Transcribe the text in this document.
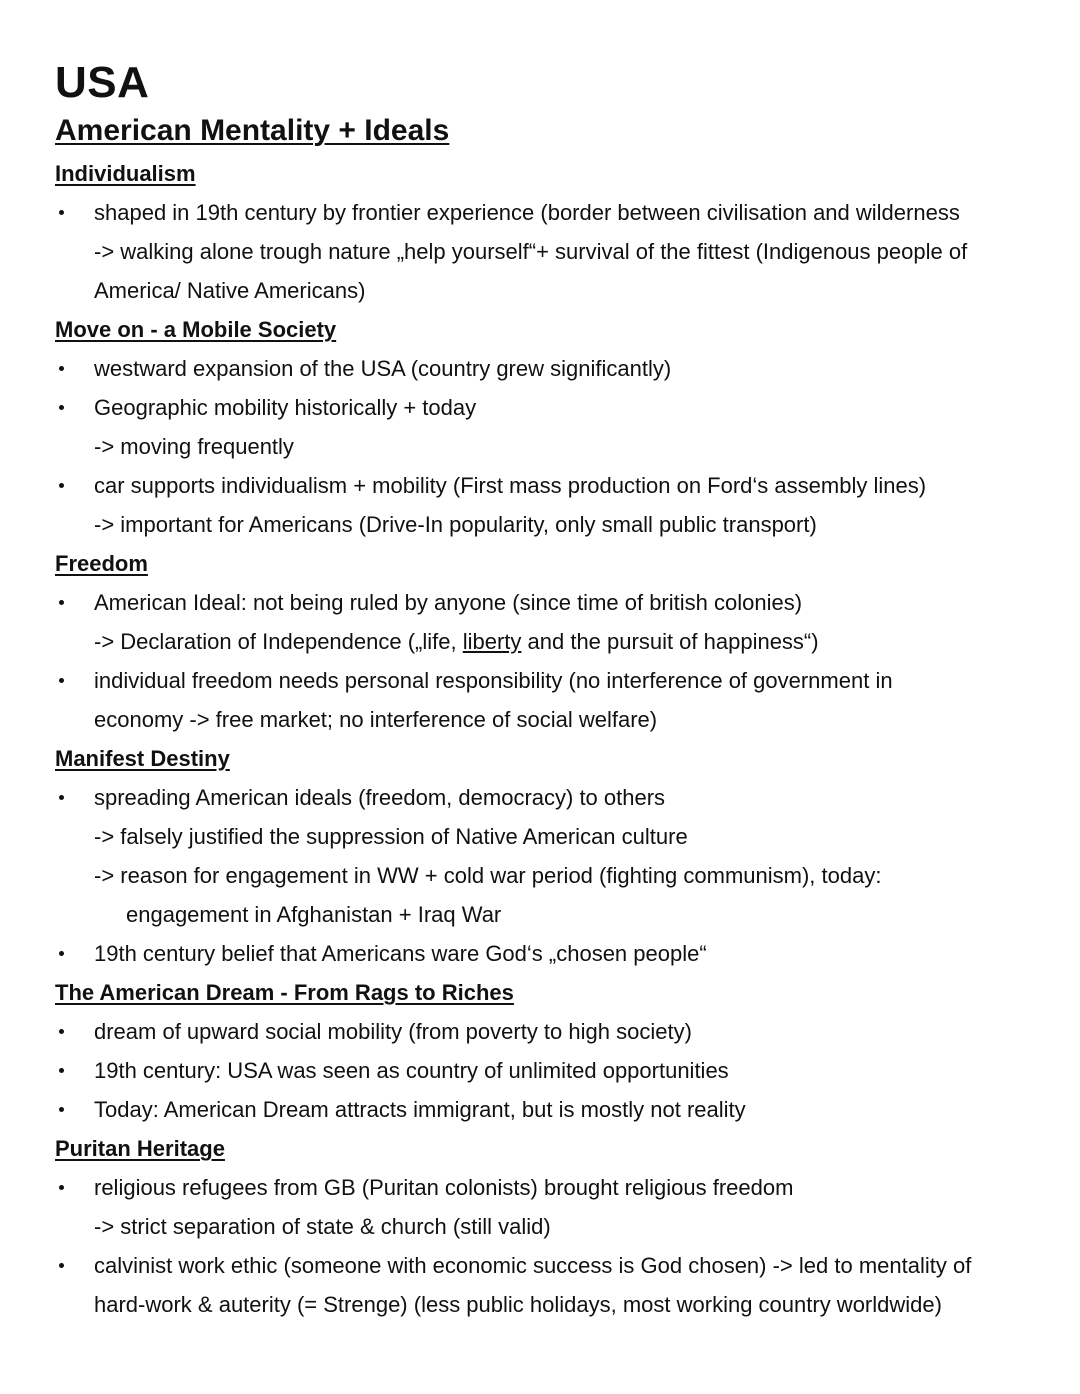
USA
American Mentality + Ideals
Individualism
shaped in 19th century by frontier experience (border between civilisation and wilderness
-> walking alone trough nature „help yourself“+ survival of the fittest (Indigenous people of
America/ Native Americans)
Move on - a Mobile Society
westward expansion of the USA (country grew significantly)
Geographic mobility historically + today
-> moving frequently
car supports individualism + mobility (First mass production on Ford‘s assembly lines)
-> important for Americans (Drive-In popularity, only small public transport)
Freedom
American Ideal: not being ruled by anyone (since time of british colonies)
-> Declaration of Independence („life, liberty and the pursuit of happiness“)
individual freedom needs personal responsibility (no interference of government in
economy -> free market; no interference of social welfare)
Manifest Destiny
spreading American ideals (freedom, democracy) to others
-> falsely justified the suppression of Native American culture
-> reason for engagement in WW + cold war period (fighting communism), today:
engagement in Afghanistan + Iraq War
19th century belief that Americans ware God‘s „chosen people“
The American Dream - From Rags to Riches
dream of upward social mobility (from poverty to high society)
19th century: USA was seen as country of unlimited opportunities
Today: American Dream attracts immigrant, but is mostly not reality
Puritan Heritage
religious refugees from GB (Puritan colonists) brought religious freedom
-> strict separation of state & church (still valid)
calvinist work ethic (someone with economic success is God chosen) -> led to mentality of
hard-work & auterity (= Strenge) (less public holidays, most working country worldwide)
